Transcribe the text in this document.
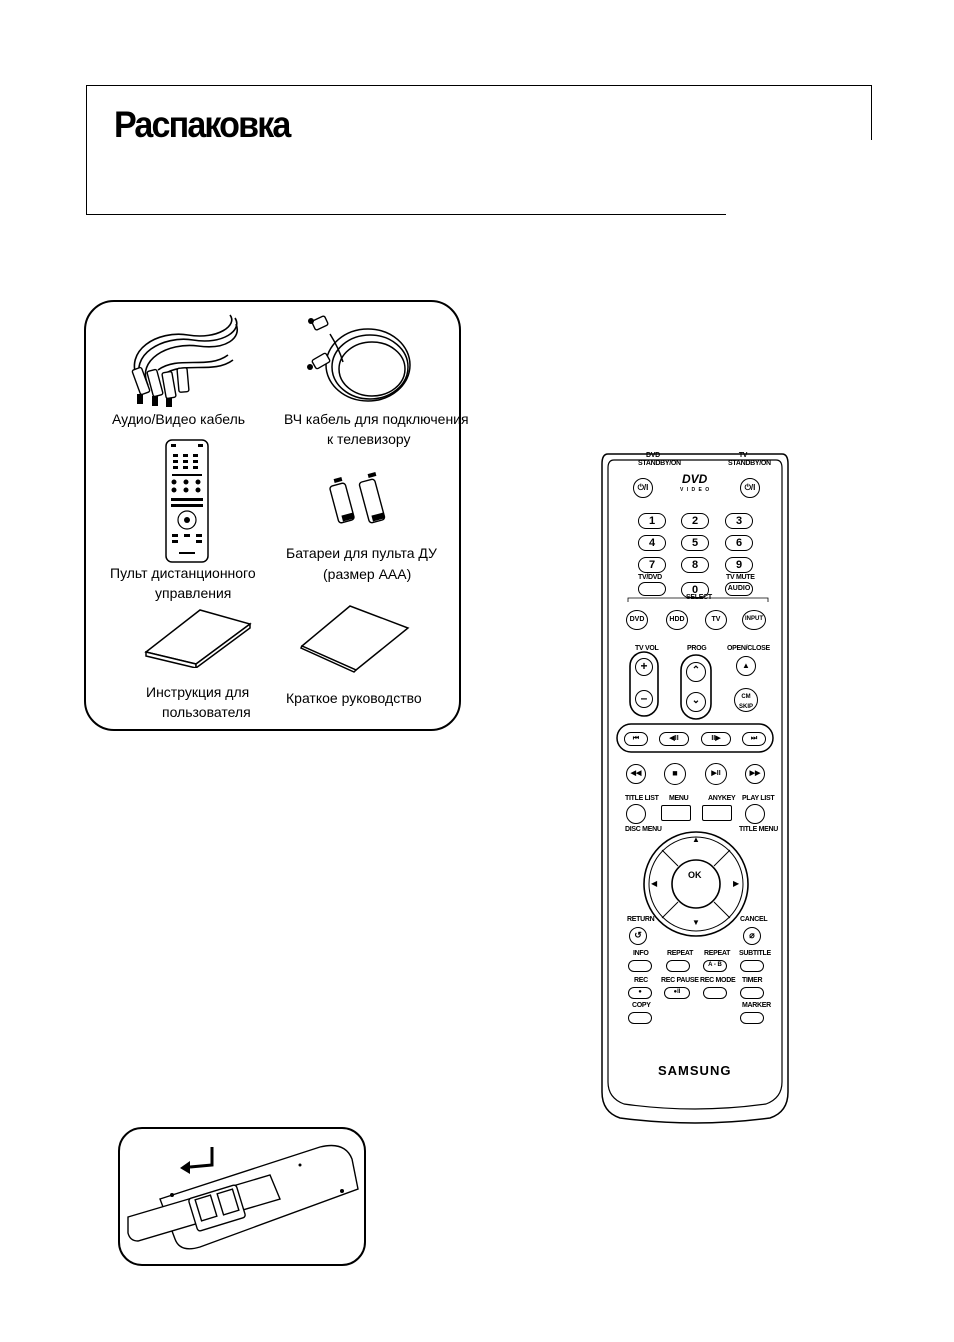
Распаковка
Аудио/Видео кабель	ВЧ кабель для подключения
к телевизору
Пульт дистанционного
управления
Батареи для пульта ДУ
(размер AAA)
Инструкция для
пользователя
Краткое руководство
DVD STANDBY/ON
TV STANDBY/ON
⏻/I	⏻/I
DVD
V I D E O
1	2	3
4	5	6
7	8	9
TV/DVD	TV MUTE
0	AUDIO
SELECT
DVD	HDD	TV	INPUT
TV VOL	PROG	OPEN/CLOSE
+
–
⌃
⌄
▲
CM SKIP
⏮	◀II	II▶	⏭
◀◀	■	▶II	▶▶
TITLE LIST MENU	ANYKEY PLAY LIST
DISC MENU	TITLE MENU
▲
▼
◀	▶
OK
RETURN	CANCEL
↺	⌀
INFO	REPEAT REPEAT SUBTITLE
A - B
REC REC PAUSE REC MODE TIMER
●	●II
COPY	MARKER
SAMSUNG
